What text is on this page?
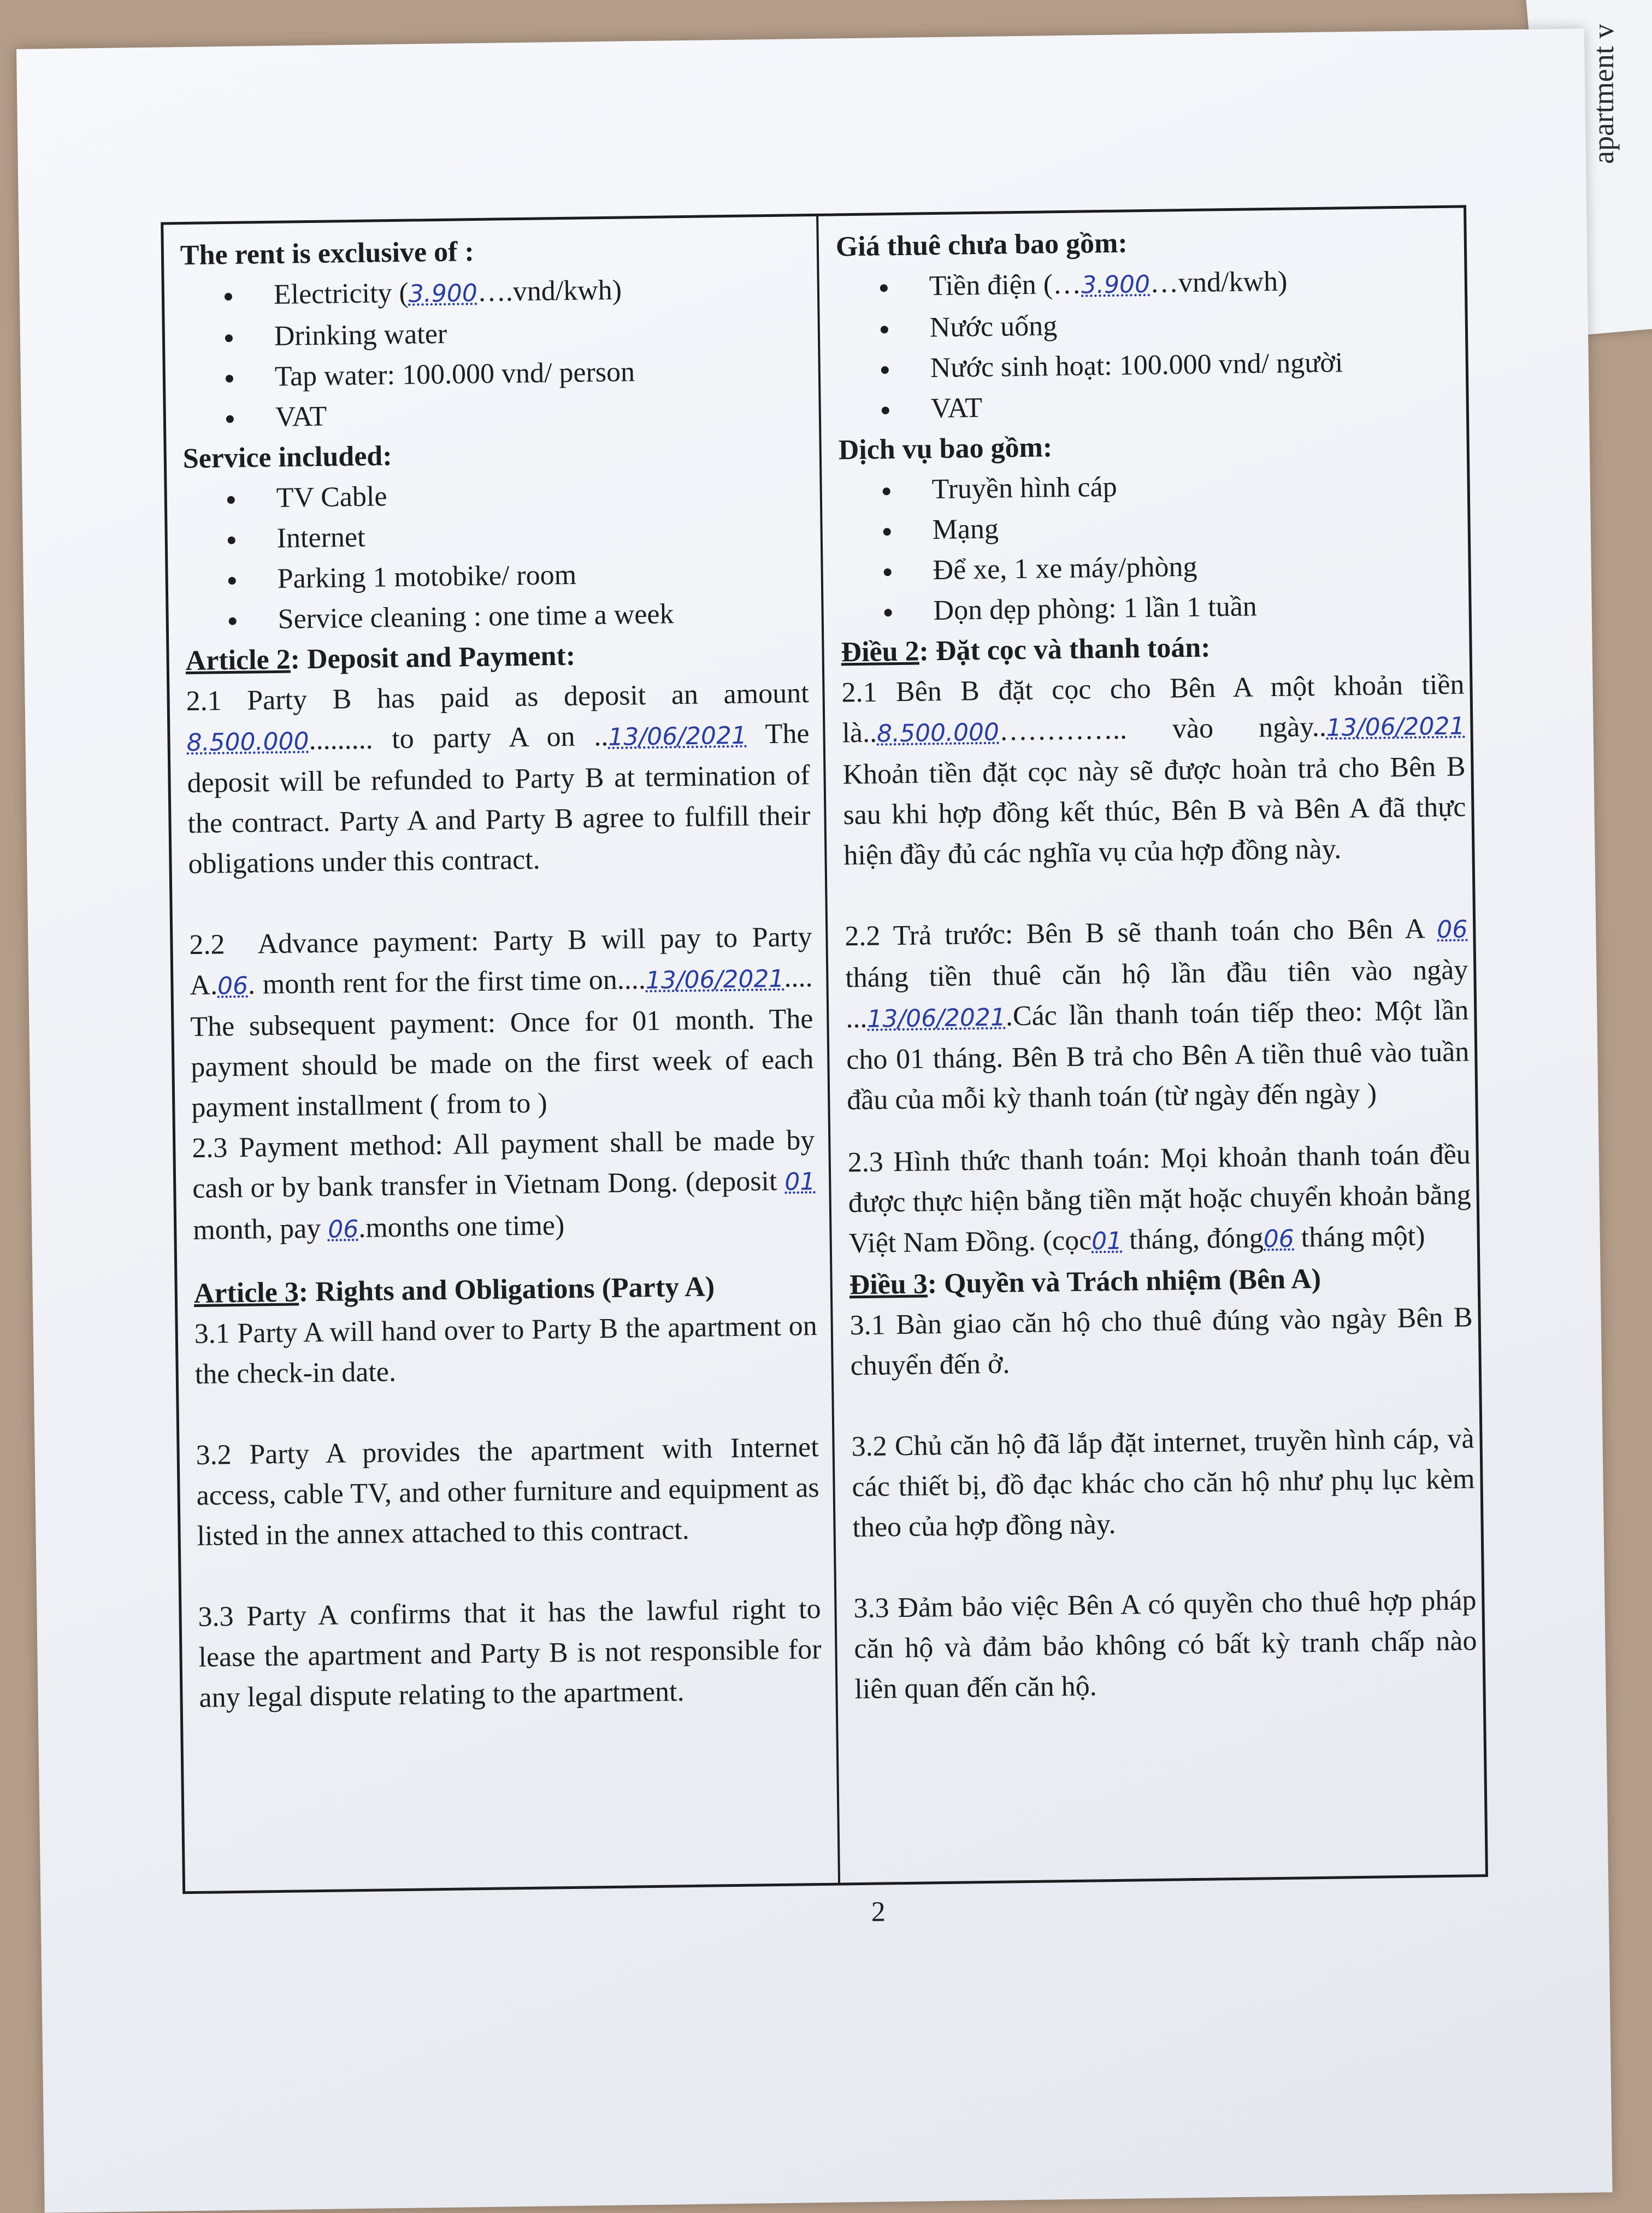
apartment v

The rent is exclusive of :

Electricity (3.900….vnd/kwh)
Drinking water
Tap water: 100.000 vnd/ person
VAT

Service included:

TV Cable
Internet
Parking 1 motobike/ room
Service cleaning : one time a week

Article 2: Deposit and Payment:

2.1 Party B has paid as deposit an amount 8.500.000......... to party A on ..13/06/2021 The deposit will be refunded to Party B at termination of the contract. Party A and Party B agree to fulfill their obligations under this contract.

2.2 Advance payment: Party B will pay to Party A.06. month rent for the first time on....13/06/2021.... The subsequent payment: Once for 01 month. The payment should be made on the first week of each payment installment ( from to )

2.3 Payment method: All payment shall be made by cash or by bank transfer in Vietnam Dong. (deposit 01 month, pay 06.months one time)

Article 3: Rights and Obligations (Party A)

3.1 Party A will hand over to Party B the apartment on the check-in date.

3.2 Party A provides the apartment with Internet access, cable TV, and other furniture and equipment as listed in the annex attached to this contract.

3.3 Party A confirms that it has the lawful right to lease the apartment and Party B is not responsible for any legal dispute relating to the apartment.

Giá thuê chưa bao gồm:

Tiền điện (…3.900…vnd/kwh)
Nước uống
Nước sinh hoạt: 100.000 vnd/ người
VAT

Dịch vụ bao gồm:

Truyền hình cáp
Mạng
Để xe, 1 xe máy/phòng
Dọn dẹp phòng: 1 lần 1 tuần

Điều 2: Đặt cọc và thanh toán:

2.1 Bên B đặt cọc cho Bên A một khoản tiền là..8.500.000………….. vào ngày..13/06/2021 Khoản tiền đặt cọc này sẽ được hoàn trả cho Bên B sau khi hợp đồng kết thúc, Bên B và Bên A đã thực hiện đầy đủ các nghĩa vụ của hợp đồng này.

2.2 Trả trước: Bên B sẽ thanh toán cho Bên A 06 tháng tiền thuê căn hộ lần đầu tiên vào ngày ...13/06/2021.Các lần thanh toán tiếp theo: Một lần cho 01 tháng. Bên B trả cho Bên A tiền thuê vào tuần đầu của mỗi kỳ thanh toán (từ ngày đến ngày )

2.3 Hình thức thanh toán: Mọi khoản thanh toán đều được thực hiện bằng tiền mặt hoặc chuyển khoản bằng Việt Nam Đồng. (cọc01 tháng, đóng06 tháng một)

Điều 3: Quyền và Trách nhiệm (Bên A)

3.1 Bàn giao căn hộ cho thuê đúng vào ngày Bên B chuyển đến ở.

3.2 Chủ căn hộ đã lắp đặt internet, truyền hình cáp, và các thiết bị, đồ đạc khác cho căn hộ như phụ lục kèm theo của hợp đồng này.

3.3 Đảm bảo việc Bên A có quyền cho thuê hợp pháp căn hộ và đảm bảo không có bất kỳ tranh chấp nào liên quan đến căn hộ.

2
